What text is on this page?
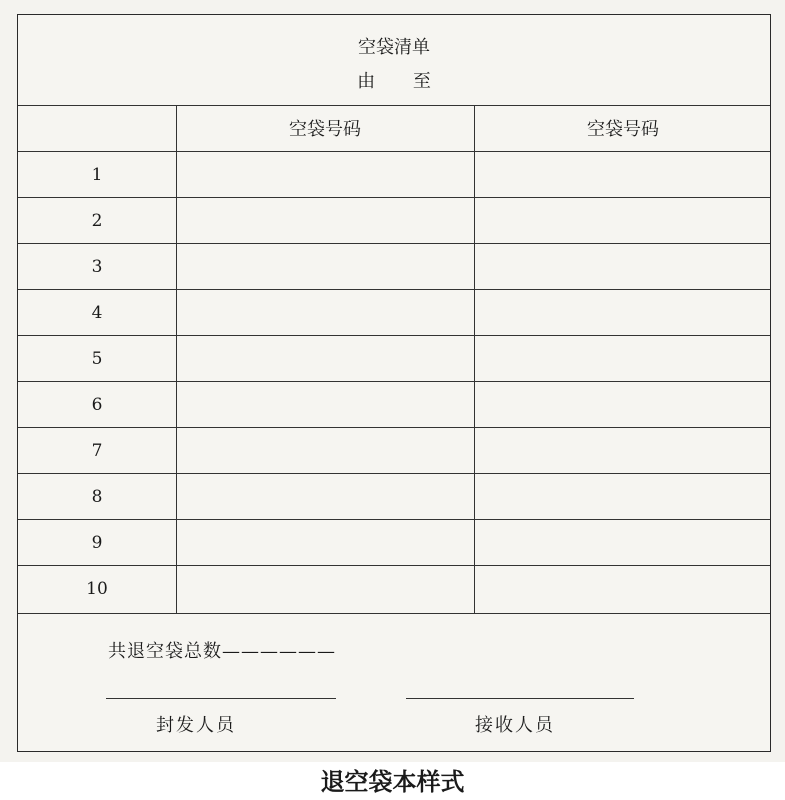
空袋清单
由 至
空袋号码	空袋号码
1
2
3
4
5
6
7
8
9
10
共退空袋总数——————
封发人员	接收人员
退空袋本样式
